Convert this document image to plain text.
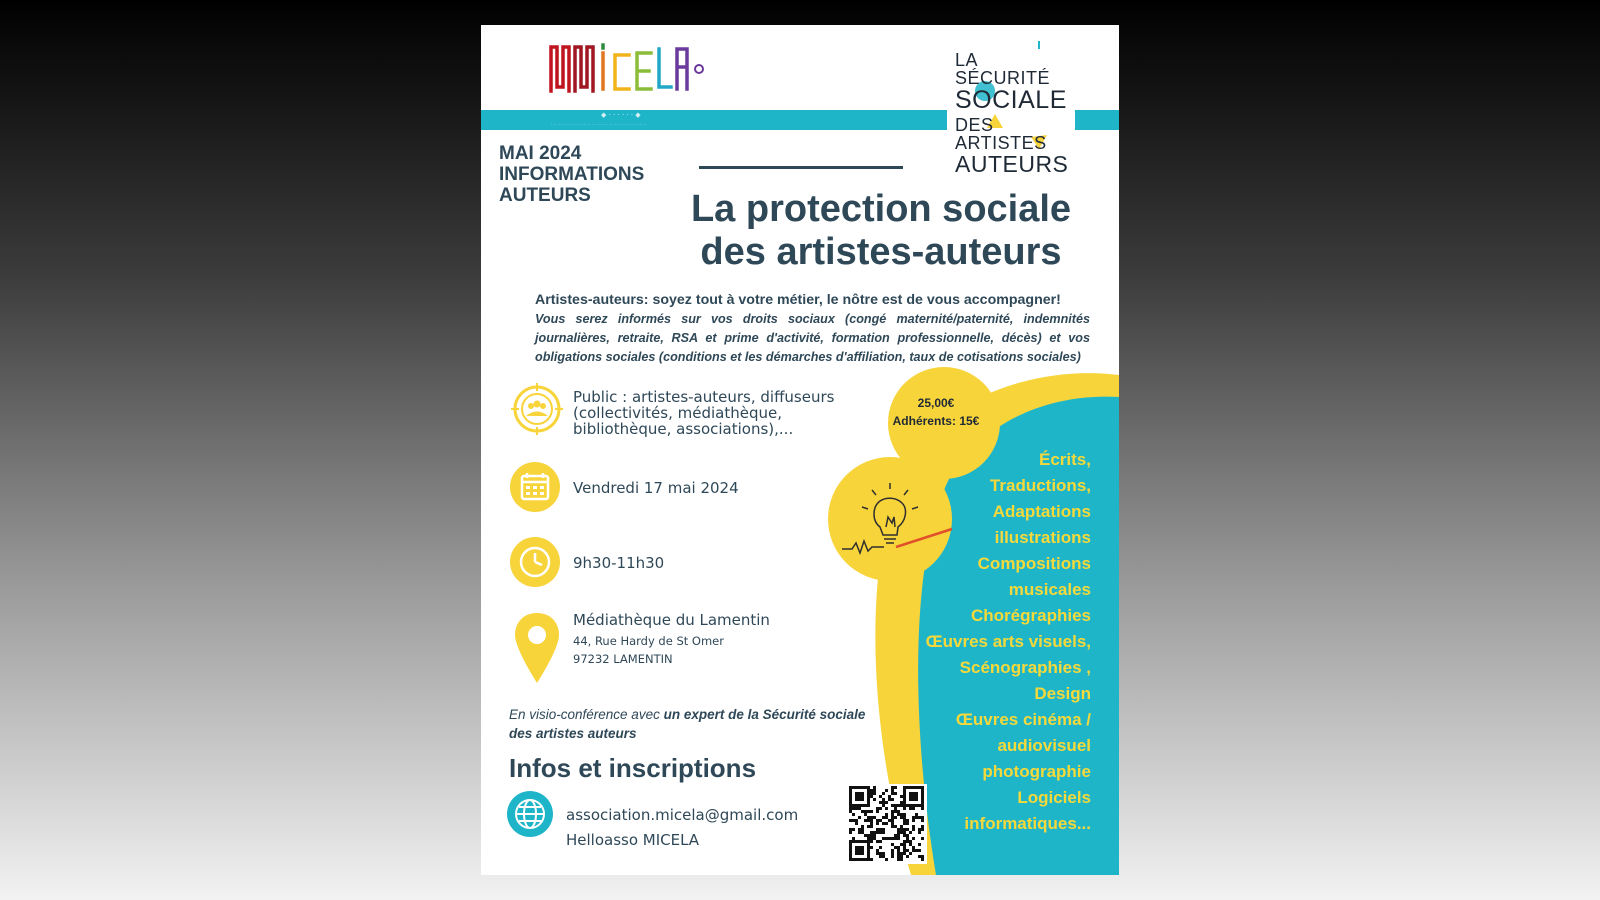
◆ · · · · · · ◆
· · · · · · · · · · · · · · · · · · · · · · · · · · · · · · · · · · · · · ·
LA SÉCURITÉ
SOCIALE
DES ARTISTES
AUTEURS
MAI 2024
INFORMATIONS
AUTEURS	La protection sociale
des artistes-auteurs
Artistes-auteurs: soyez tout à votre métier, le nôtre est de vous accompagner!
Vous serez informés sur vos droits sociaux (congé maternité/paternité, indemnités journalières, retraite, RSA et prime d'activité, formation professionnelle, décès) et vos obligations sociales (conditions et les démarches d'affiliation, taux de cotisations sociales)
Public : artistes-auteurs, diffuseurs (collectivités, médiathèque, bibliothèque, associations),...
Vendredi 17 mai 2024
9h30-11h30
Médiathèque du Lamentin
44, Rue Hardy de St Omer
97232 LAMENTIN
25,00€
Adhérents: 15€
Écrits,
Traductions,
Adaptations
illustrations
Compositions
musicales
Chorégraphies
Œuvres arts visuels,
Scénographies ,
Design
Œuvres cinéma /
audiovisuel
photographie
Logiciels
informatiques...
En visio-conférence avec un expert de la Sécurité sociale des artistes auteurs
Infos et inscriptions
association.micela@gmail.com
Helloasso MICELA
